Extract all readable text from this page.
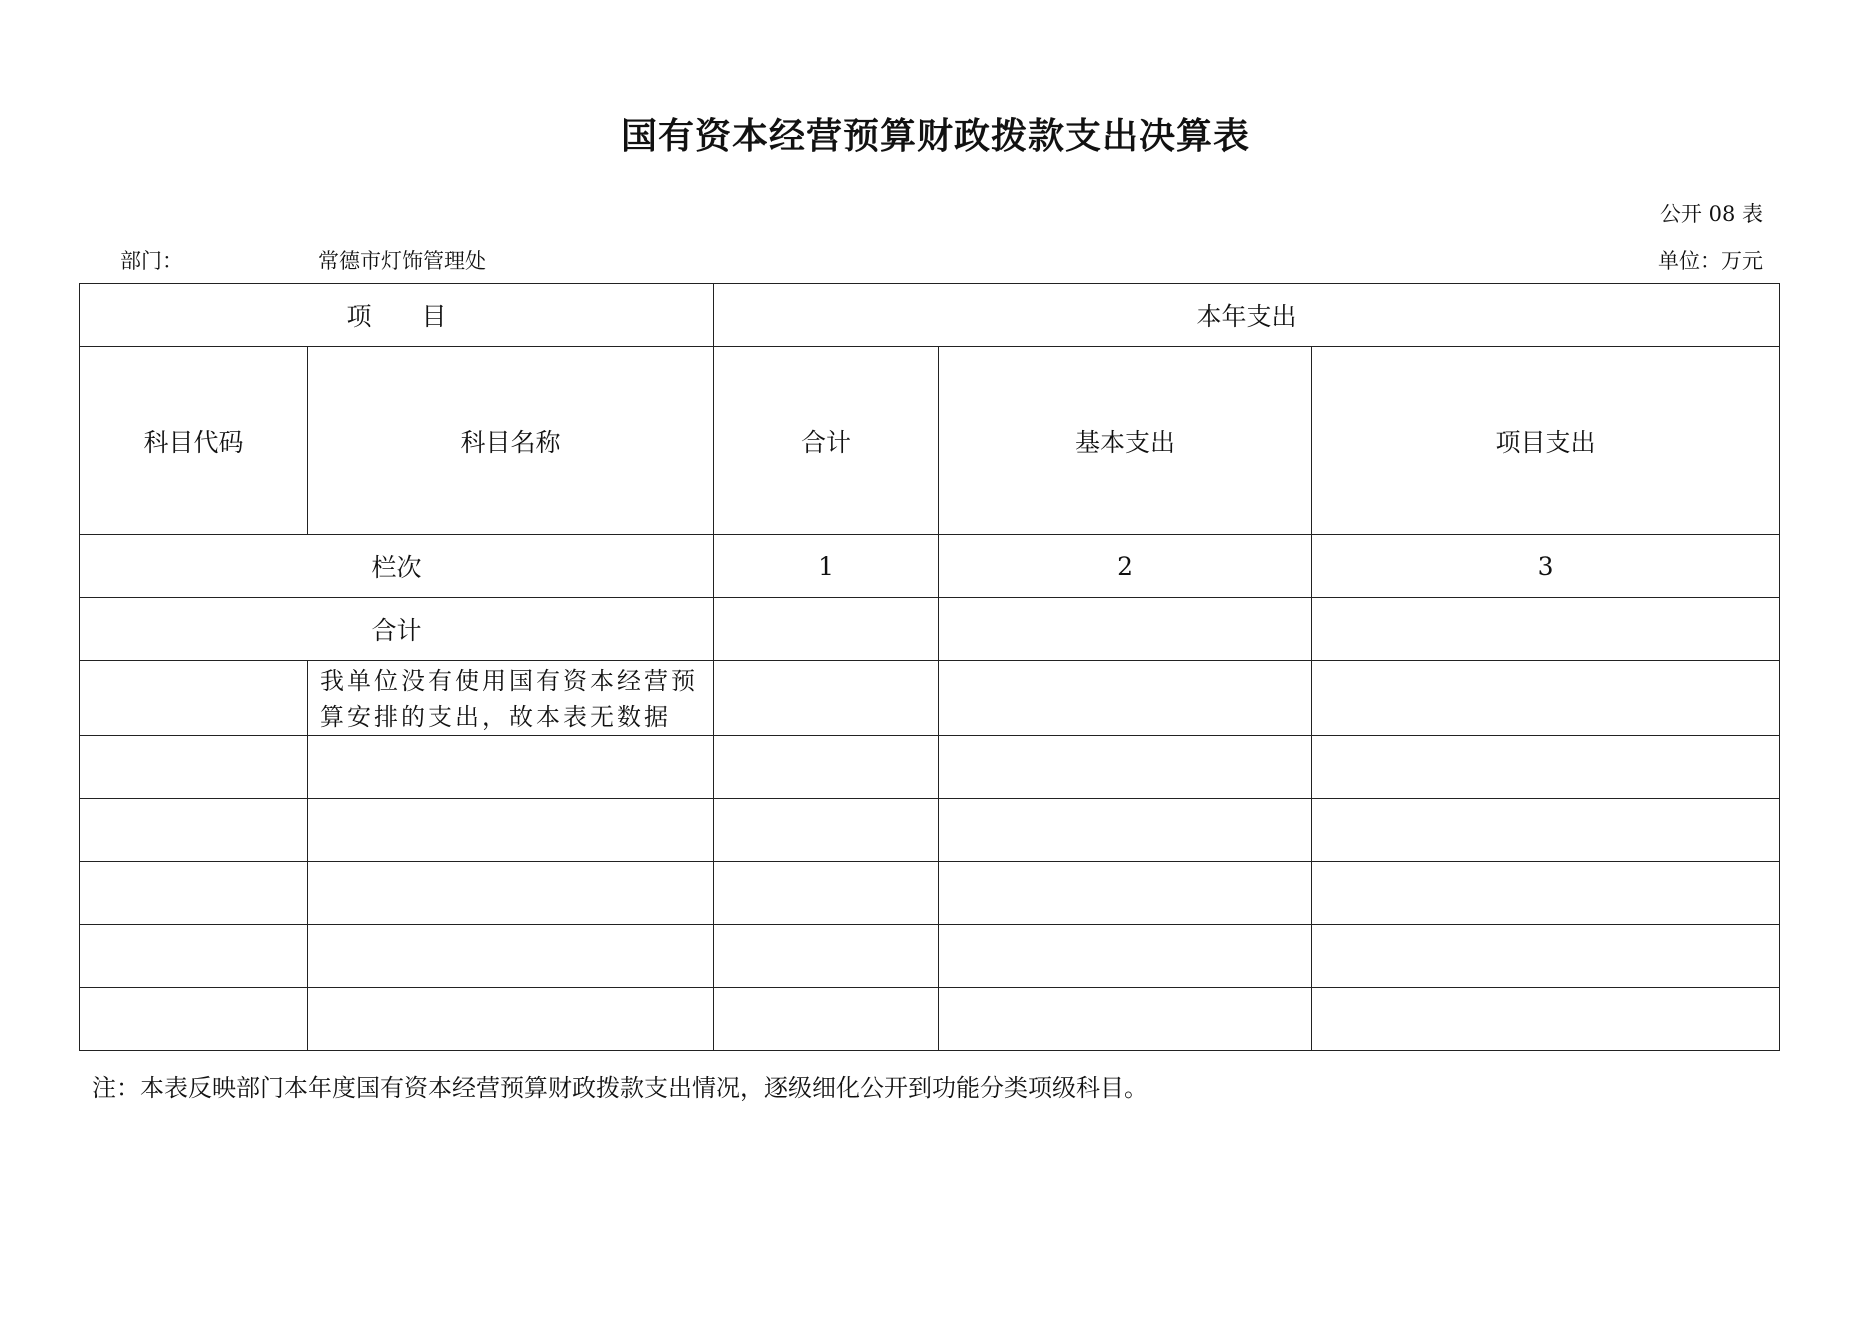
国有资本经营预算财政拨款支出决算表
公开 08 表
部门：	常德市灯饰管理处	单位：万元
项　　目		本年支出		
科目代码	科目名称	合计	基本支出	项目支出
栏次		1	2	3
合计				
	我单位没有使用国有资本经营预算安排的支出，故本表无数据			

注：本表反映部门本年度国有资本经营预算财政拨款支出情况，逐级细化公开到功能分类项级科目。
